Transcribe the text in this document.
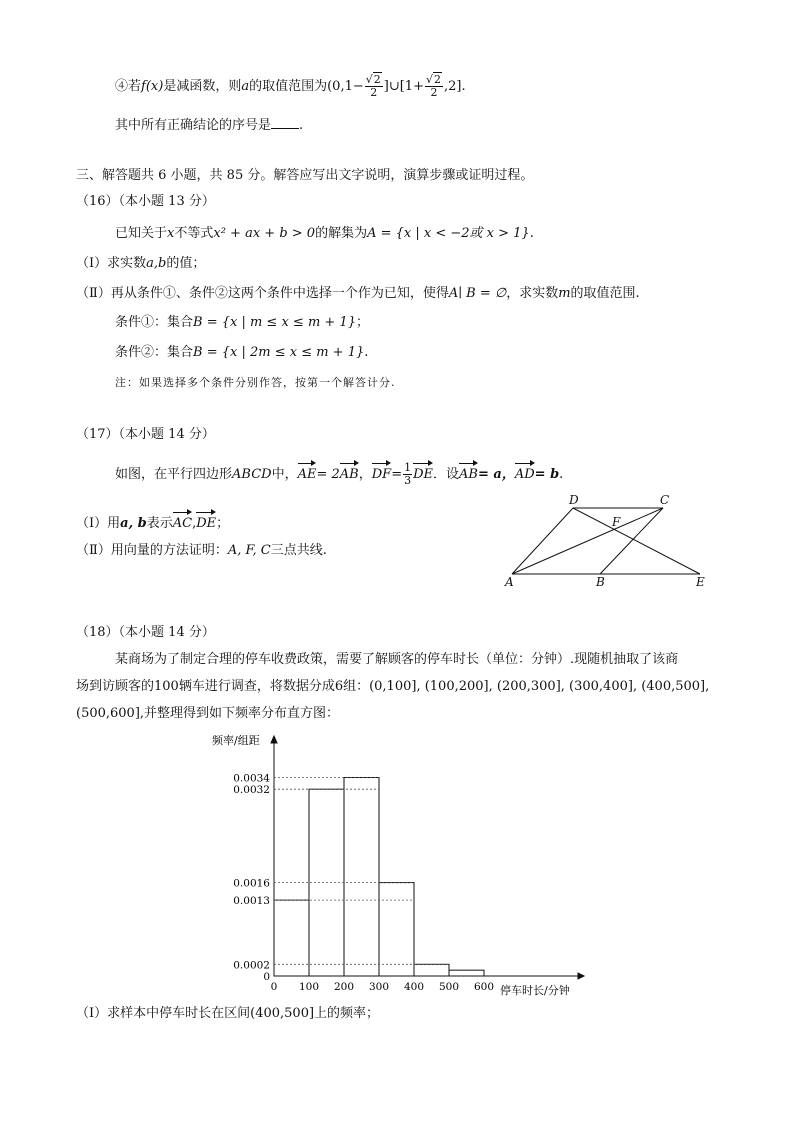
④若f(x)是减函数，则a的取值范围为($0,1- \frac{√2}{2}$ ]∪[1+ $\frac{√2}{2} ,2$].
其中所有正确结论的序号是 .
三、解答题共 6 小题，共 85 分。解答应写出文字说明，演算步骤或证明过程。
（16）（本小题 13 分）
已知关于x不等式x² + ax + b > 0的解集为A = {x | x < −2或 x > 1}.
（Ⅰ）求实数a,b的值；
（Ⅱ）再从条件①、条件②这两个条件中选择一个作为已知，使得A∣ B = ∅，求实数m的取值范围.
条件①：集合B = {x | m ≤ x ≤ m + 1}；
条件②：集合B = {x | 2m ≤ x ≤ m + 1}.
注：如果选择多个条件分别作答，按第一个解答计分.
（17）（本小题 14 分）
如图，在平行四边形ABCD中，AE= 2AB，$DF= \frac{1}{3}$ DE．设AB= a，AD= b.
（Ⅰ）用a, b表示AC,DE；
（Ⅱ）用向量的方法证明：A, F, C三点共线.
A	B
C
D
E
F
（18）（本小题 14 分）
某商场为了制定合理的停车收费政策，需要了解顾客的停车时长（单位：分钟）.现随机抽取了该商
场到访顾客的100辆车进行调查，将数据分成6组：(0,100], (100,200], (200,300], (300,400], (400,500],
(500,600],并整理得到如下频率分布直方图：
0
0.0002
0.0013
0.0016
0.0032
0.0034
0 100 200 300 400 500 600
频率/组距
停车时长/分钟
（Ⅰ）求样本中停车时长在区间(400,500]上的频率；
